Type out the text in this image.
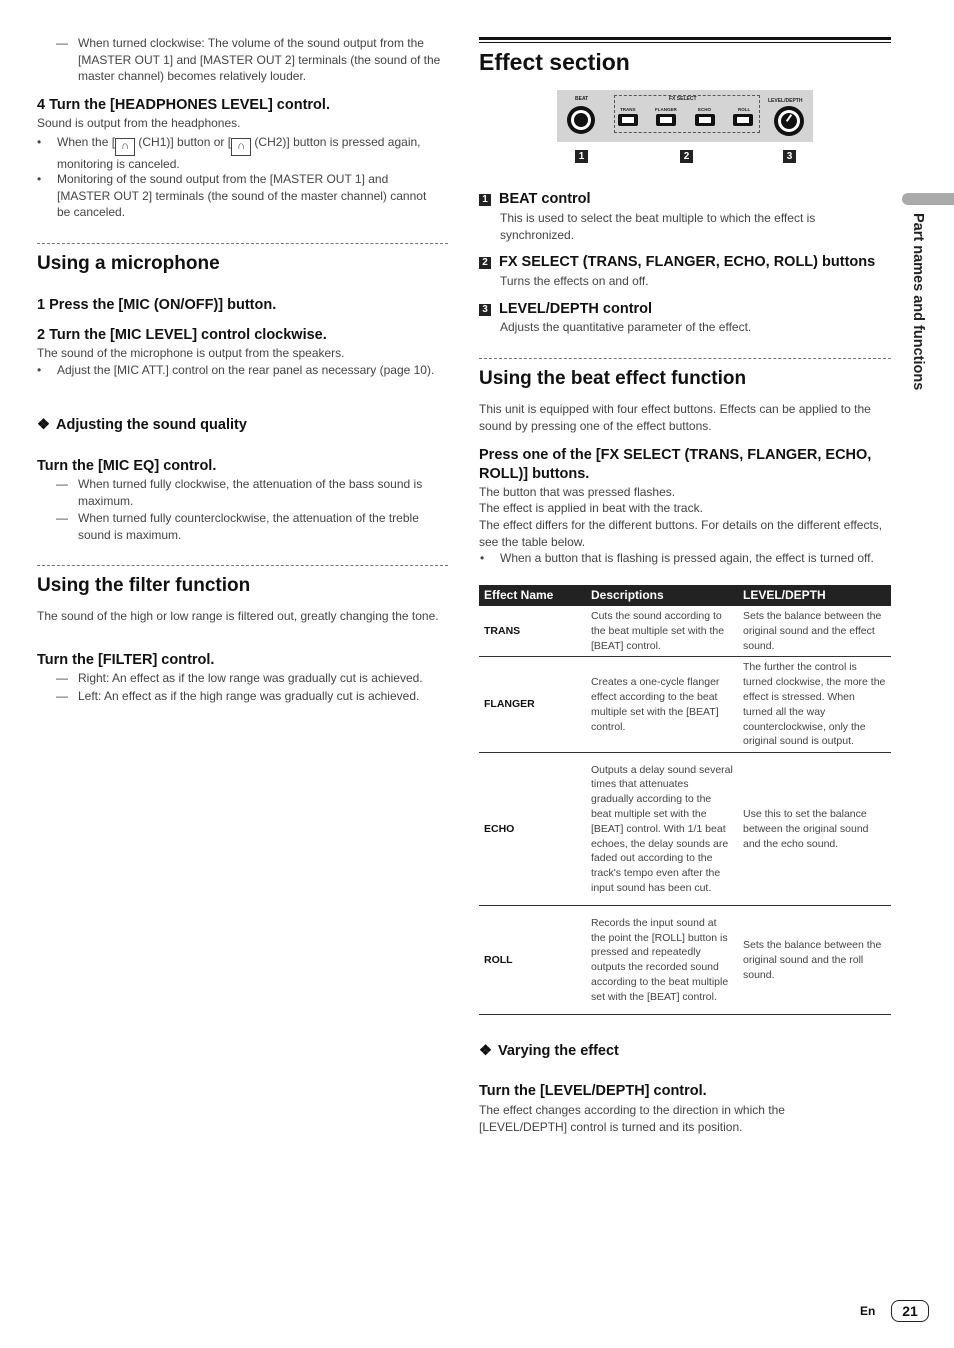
— When turned clockwise: The volume of the sound output from the [MASTER OUT 1] and [MASTER OUT 2] terminals (the sound of the master channel) becomes relatively louder.
4 Turn the [HEADPHONES LEVEL] control.
Sound is output from the headphones.
• When the [ ∩ (CH1)] button or [ ∩ (CH2)] button is pressed again, monitoring is canceled.
• Monitoring of the sound output from the [MASTER OUT 1] and [MASTER OUT 2] terminals (the sound of the master channel) cannot be canceled.
Using a microphone
1 Press the [MIC (ON/OFF)] button.
2 Turn the [MIC LEVEL] control clockwise.
The sound of the microphone is output from the speakers.
• Adjust the [MIC ATT.] control on the rear panel as necessary (page 10).
❖ Adjusting the sound quality
Turn the [MIC EQ] control.
— When turned fully clockwise, the attenuation of the bass sound is maximum.
— When turned fully counterclockwise, the attenuation of the treble sound is maximum.
Using the filter function
The sound of the high or low range is filtered out, greatly changing the tone.
Turn the [FILTER] control.
— Right: An effect as if the low range was gradually cut is achieved.
— Left: An effect as if the high range was gradually cut is achieved.
Effect section
BEAT	FX SELECT
TRANS	FLANGER	ECHO	ROLL
LEVEL/DEPTH
1	2	3
1 BEAT control
This is used to select the beat multiple to which the effect is synchronized.
2 FX SELECT (TRANS, FLANGER, ECHO, ROLL) buttons
Turns the effects on and off.
3 LEVEL/DEPTH control
Adjusts the quantitative parameter of the effect.
Using the beat effect function
This unit is equipped with four effect buttons. Effects can be applied to the sound by pressing one of the effect buttons.
Press one of the [FX SELECT (TRANS, FLANGER, ECHO, ROLL)] buttons.
The button that was pressed flashes.
The effect is applied in beat with the track.
The effect differs for the different buttons. For details on the different effects, see the table below.
• When a button that is flashing is pressed again, the effect is turned off.
Effect Name	Descriptions	LEVEL/DEPTH
TRANS	Cuts the sound according to the beat multiple set with the [BEAT] control.	Sets the balance between the original sound and the effect sound.
FLANGER	Creates a one-cycle flanger effect according to the beat multiple set with the [BEAT] control.	The further the control is turned clockwise, the more the effect is stressed. When turned all the way counterclockwise, only the original sound is output.
ECHO	Outputs a delay sound several times that attenuates gradually according to the beat multiple set with the [BEAT] control. With 1/1 beat echoes, the delay sounds are faded out according to the track's tempo even after the input sound has been cut.	Use this to set the balance between the original sound and the echo sound.
ROLL	Records the input sound at the point the [ROLL] button is pressed and repeatedly outputs the recorded sound according to the beat multiple set with the [BEAT] control.	Sets the balance between the original sound and the roll sound.
❖ Varying the effect
Turn the [LEVEL/DEPTH] control.
The effect changes according to the direction in which the [LEVEL/DEPTH] control is turned and its position.
Part names and functions
En	21
